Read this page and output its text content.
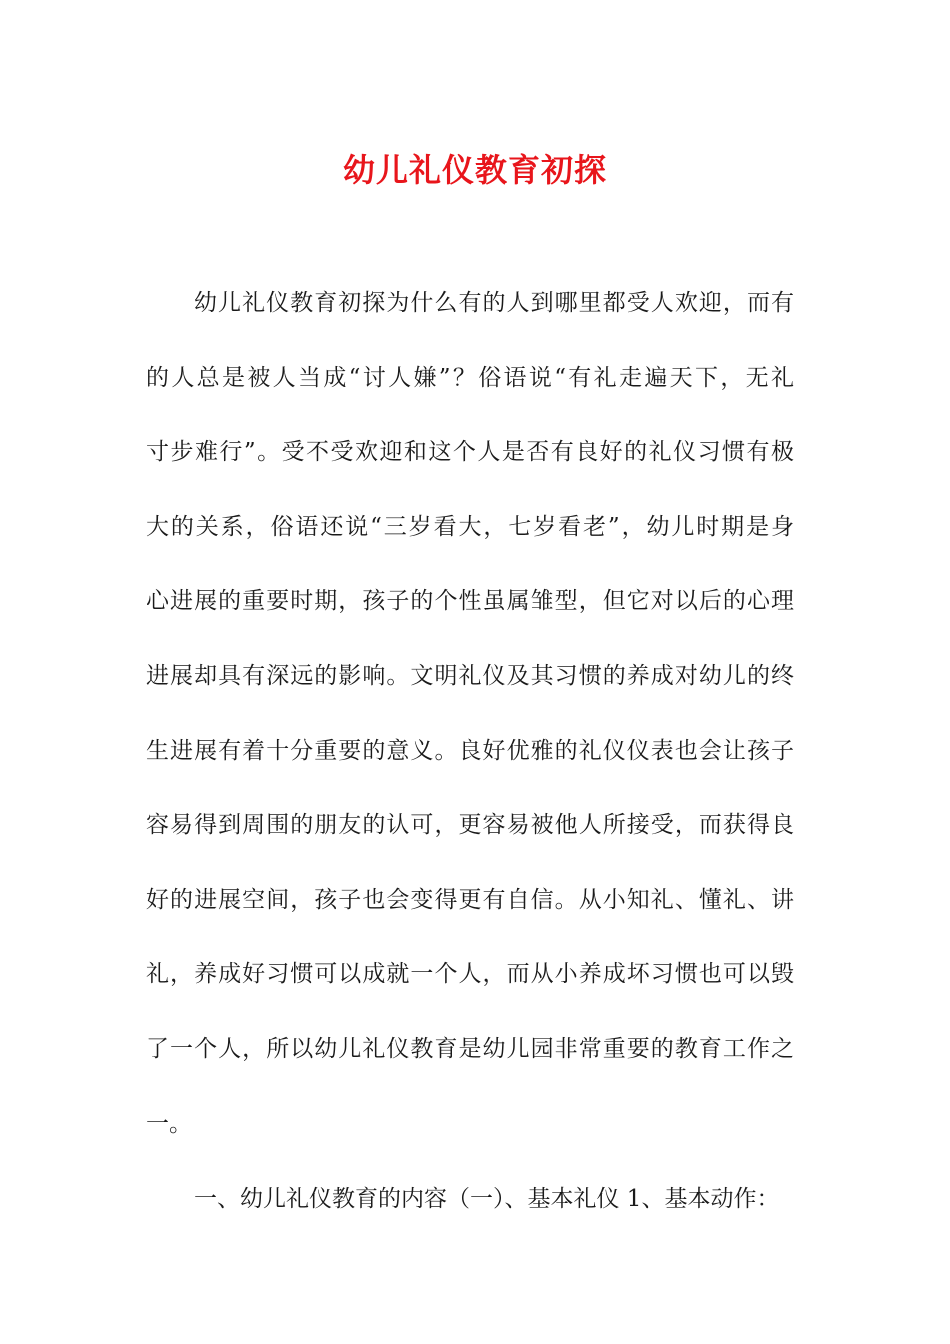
幼儿礼仪教育初探
幼儿礼仪教育初探为什么有的人到哪里都受人欢迎，而有
的人总是被人当成“讨人嫌”？俗语说“有礼走遍天下，无礼
寸步难行”。受不受欢迎和这个人是否有良好的礼仪习惯有极
大的关系，俗语还说“三岁看大，七岁看老”，幼儿时期是身
心进展的重要时期，孩子的个性虽属雏型，但它对以后的心理
进展却具有深远的影响。文明礼仪及其习惯的养成对幼儿的终
生进展有着十分重要的意义。良好优雅的礼仪仪表也会让孩子
容易得到周围的朋友的认可，更容易被他人所接受，而获得良
好的进展空间，孩子也会变得更有自信。从小知礼、懂礼、讲
礼，养成好习惯可以成就一个人，而从小养成坏习惯也可以毁
了一个人，所以幼儿礼仪教育是幼儿园非常重要的教育工作之
一。
一、幼儿礼仪教育的内容（一）、基本礼仪 1、基本动作：
